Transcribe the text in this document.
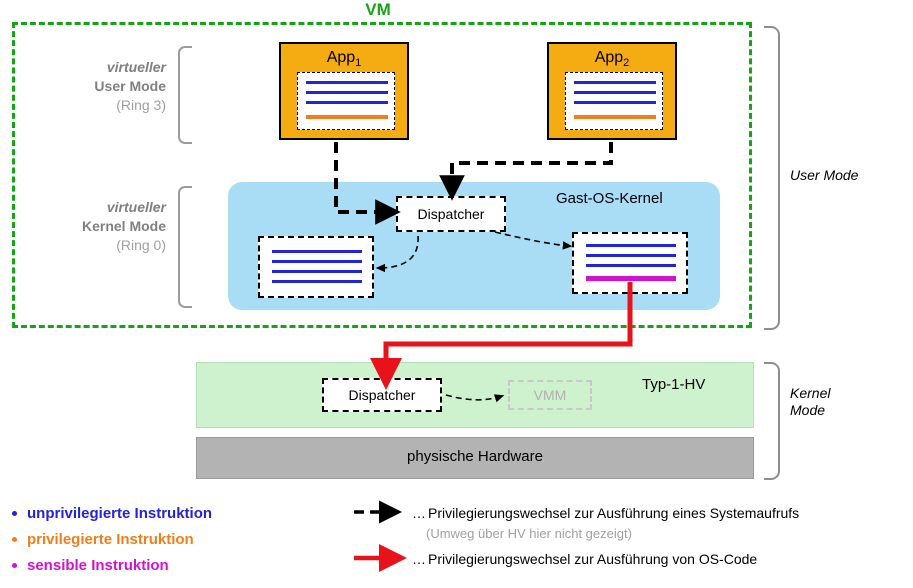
VM
virtueller
User Mode
(Ring 3)
virtueller
Kernel Mode
(Ring 0)
User Mode
Kernel
Mode
App$_1$	App$_2$
Gast-OS-Kernel
Dispatcher
Typ-1-HV
Dispatcher	VMM
physische Hardware
unprivilegierte Instruktion
privilegierte Instruktion
sensible Instruktion
… Privilegierungswechsel zur Ausführung eines Systemaufrufs
(Umweg über HV hier nicht gezeigt)
… Privilegierungswechsel zur Ausführung von OS-Code
